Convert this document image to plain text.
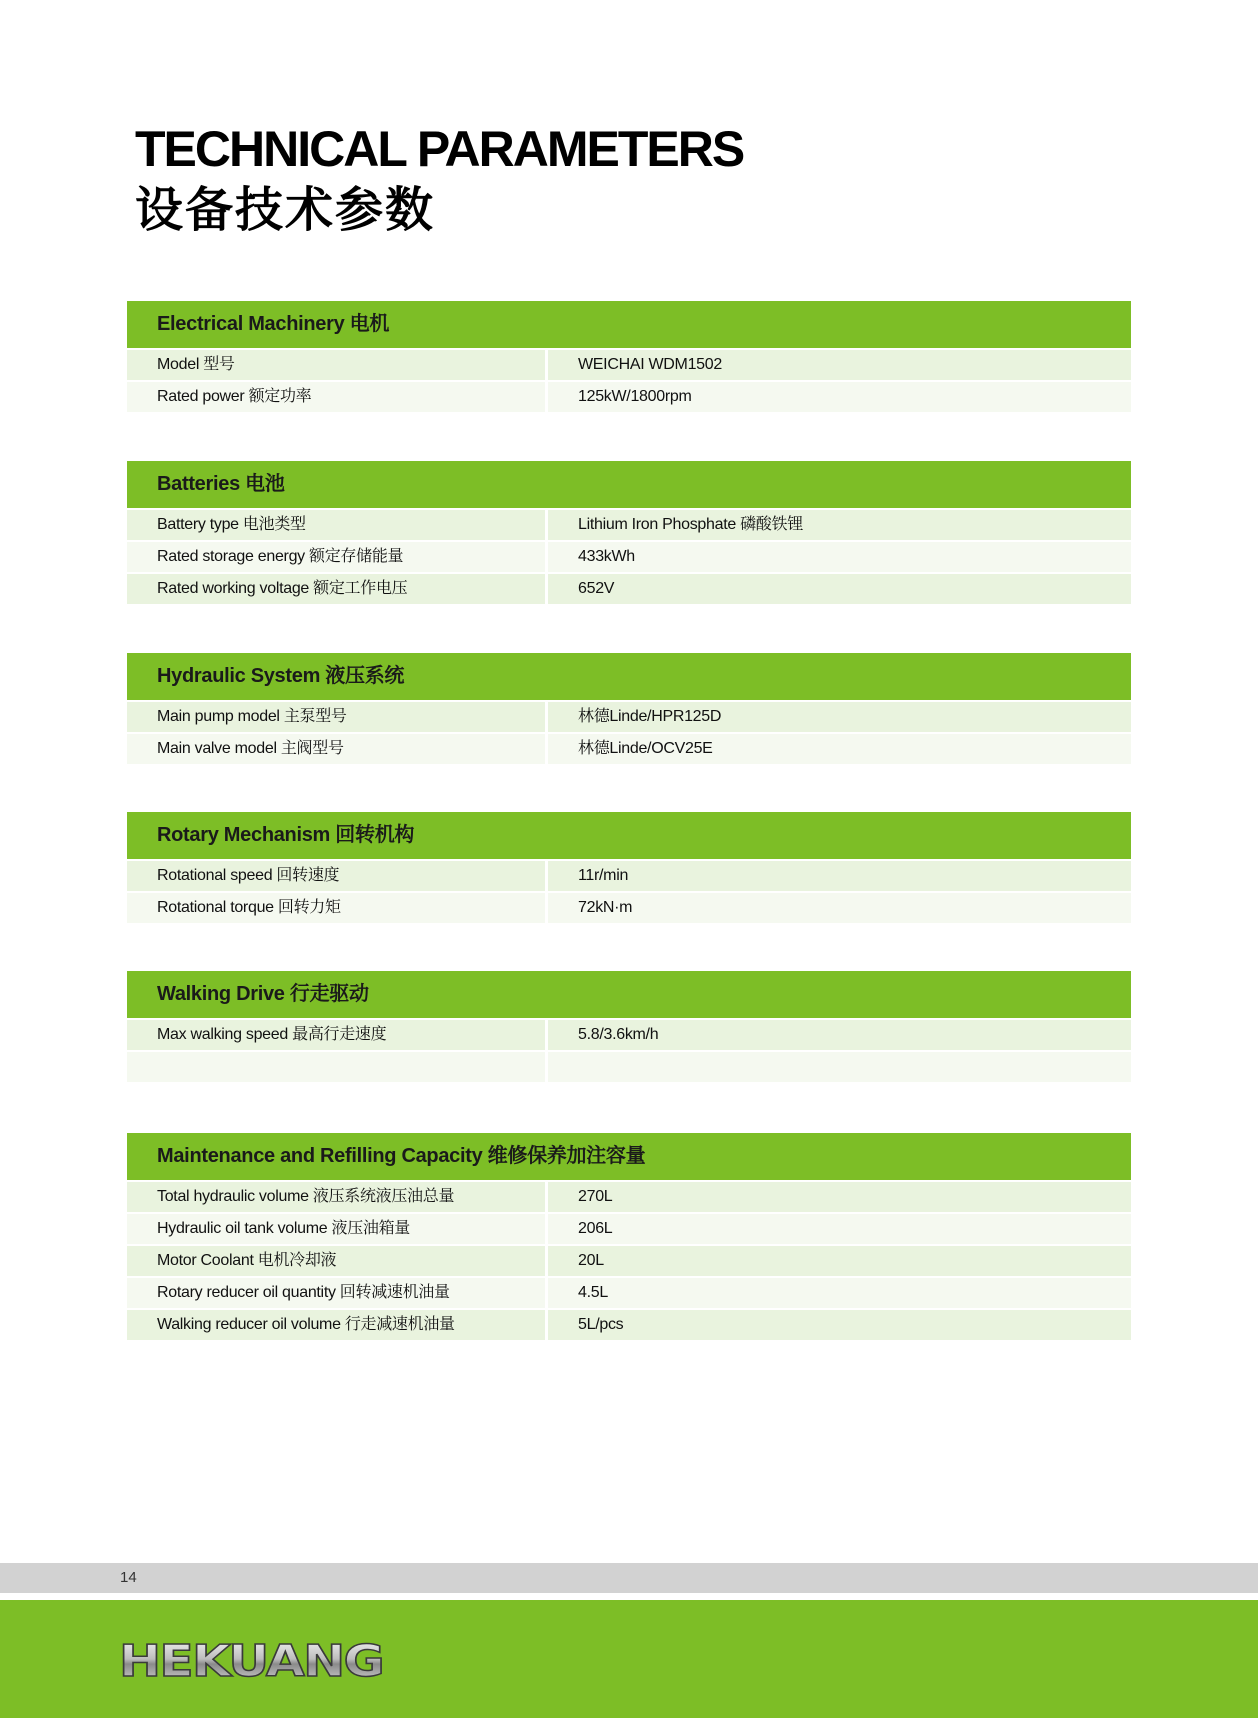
TECHNICAL PARAMETERS
设备技术参数
Electrical Machinery 电机
Model 型号	WEICHAI WDM1502
Rated power 额定功率	125kW/1800rpm
Batteries 电池
Battery type 电池类型	Lithium Iron Phosphate 磷酸铁锂
Rated storage energy 额定存储能量	433kWh
Rated working voltage 额定工作电压	652V
Hydraulic System 液压系统
Main pump model 主泵型号	林德Linde/HPR125D
Main valve model 主阀型号	林德Linde/OCV25E
Rotary Mechanism 回转机构
Rotational speed 回转速度	11r/min
Rotational torque 回转力矩	72kN·m
Walking Drive 行走驱动
Max walking speed 最高行走速度	5.8/3.6km/h
Maintenance and Refilling Capacity 维修保养加注容量
Total hydraulic volume 液压系统液压油总量	270L
Hydraulic oil tank volume 液压油箱量	206L
Motor Coolant 电机冷却液	20L
Rotary reducer oil quantity 回转减速机油量	4.5L
Walking reducer oil volume 行走减速机油量	5L/pcs
14
HEKUANG
